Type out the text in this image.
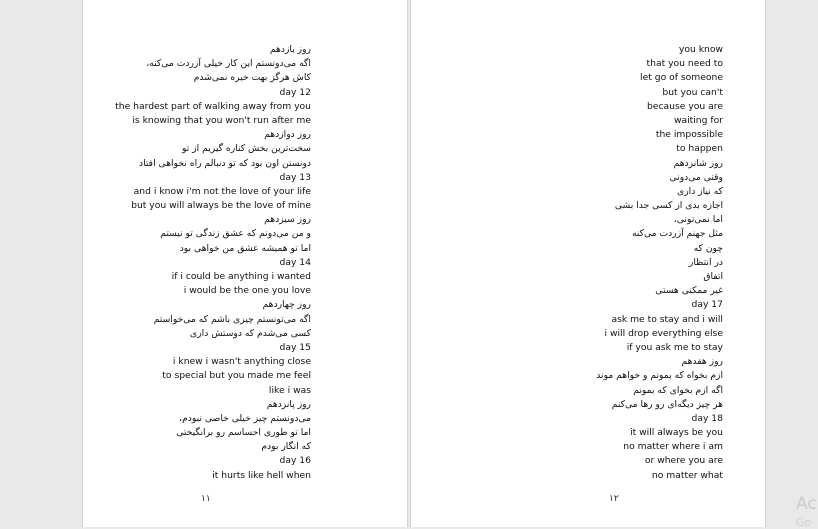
روز یازدهم
اگه می‌دونستم این کار خیلی آزردت می‌کنه،
کاش هرگز بهت خیره نمی‌شدم
day 12
the hardest part of walking away from you
is knowing that you won't run after me
روز دوازدهم
سخت‌ترین بخش کناره گیریم از تو
دونستن اون بود که تو دنبالم راه نخواهی افتاد
day 13
and i know i'm not the love of your life
but you will always be the love of mine
روز سیزدهم
و من می‌دونم که عشق زندگی تو نیستم
اما تو همیشه عشق من خواهی بود
day 14
if i could be anything i wanted
i would be the one you love
روز چهاردهم
اگه می‌تونستم چیزی باشم که می‌خواستم
کسی می‌شدم که دوستش داری
day 15
i knew i wasn't anything close
to special but you made me feel
like i was
روز پانزدهم
می‌دونستم چیز خیلی خاصی نبودم،
اما تو طوری احساسم رو برانگیختی
که انگار بودم
day 16
it hurts like hell when
۱۱
you know
that you need to
let go of someone
but you can't
because you are
waiting for
the impossible
to happen
روز شانزدهم
وقتی می‌دونی
که نیاز داری
اجازه بدی از کسی جدا بشی
اما نمی‌تونی،
مثل جهنم آزردت می‌کنه
چون که
در انتظار
اتفاق
غیر ممکنی هستی
day 17
ask me to stay and i will
i will drop everything else
if you ask me to stay
روز هفدهم
ازم بخواه که بمونم و خواهم موند
اگه ازم بخوای که بمونم
هر چیز دیگه‌ای رو رها می‌کنم
day 18
it will always be you
no matter where i am
or where you are
no matter what
۱۲	Ac
Go
